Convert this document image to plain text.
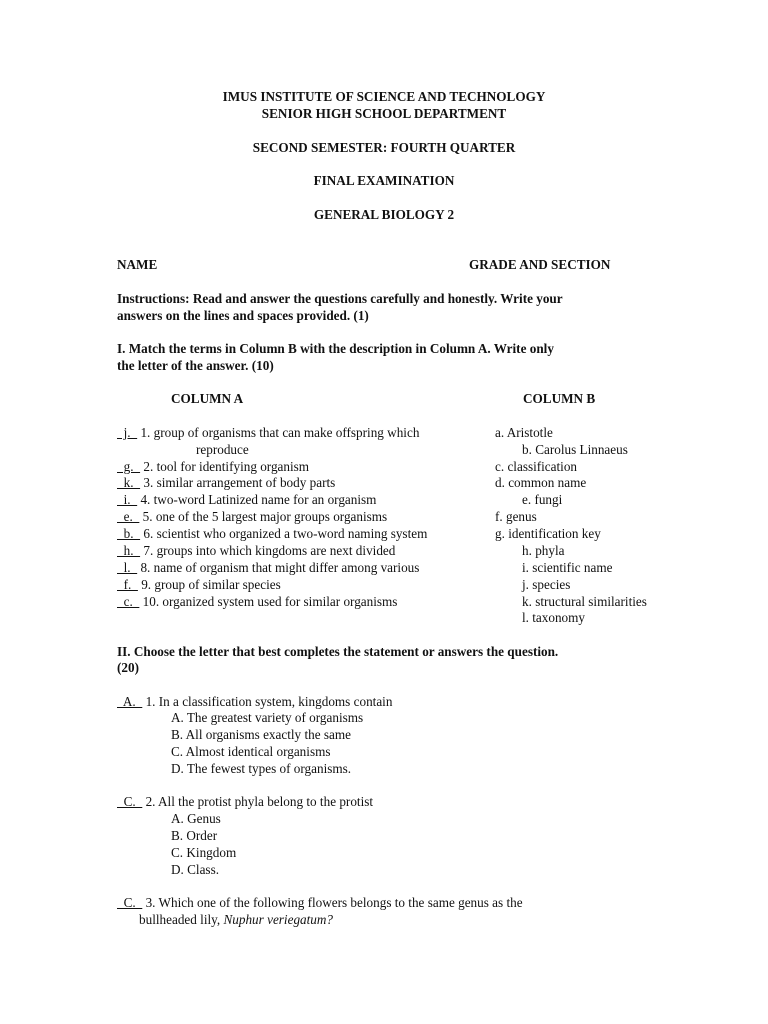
IMUS INSTITUTE OF SCIENCE AND TECHNOLOGY
SENIOR HIGH SCHOOL DEPARTMENT
SECOND SEMESTER: FOURTH QUARTER
FINAL EXAMINATION
GENERAL BIOLOGY 2
NAME	GRADE AND SECTION
Instructions: Read and answer the questions carefully and honestly. Write your
answers on the lines and spaces provided. (1)
I. Match the terms in Column B with the description in Column A. Write only
the letter of the answer. (10)
COLUMN A	COLUMN B
j.   1. group of organisms that can make offspring which
reproduce
g.   2. tool for identifying organism
k.   3. similar arrangement of body parts
i.   4. two-word Latinized name for an organism
e.   5. one of the 5 largest major groups organisms
b.   6. scientist who organized a two-word naming system
h.   7. groups into which kingdoms are next divided
l.   8. name of organism that might differ among various
f.   9. group of similar species
c.   10. organized system used for similar organisms
a. Aristotle
b. Carolus Linnaeus
c. classification
d. common name
e. fungi
f. genus
g. identification key
h. phyla
i. scientific name
j. species
k. structural similarities
l. taxonomy
II. Choose the letter that best completes the statement or answers the question.
(20)
A.   1. In a classification system, kingdoms contain
A. The greatest variety of organisms
B. All organisms exactly the same
C. Almost identical organisms
D. The fewest types of organisms.
C.   2. All the protist phyla belong to the protist
A. Genus
B. Order
C. Kingdom
D. Class.
C.   3. Which one of the following flowers belongs to the same genus as the
bullheaded lily, Nuphur veriegatum?
